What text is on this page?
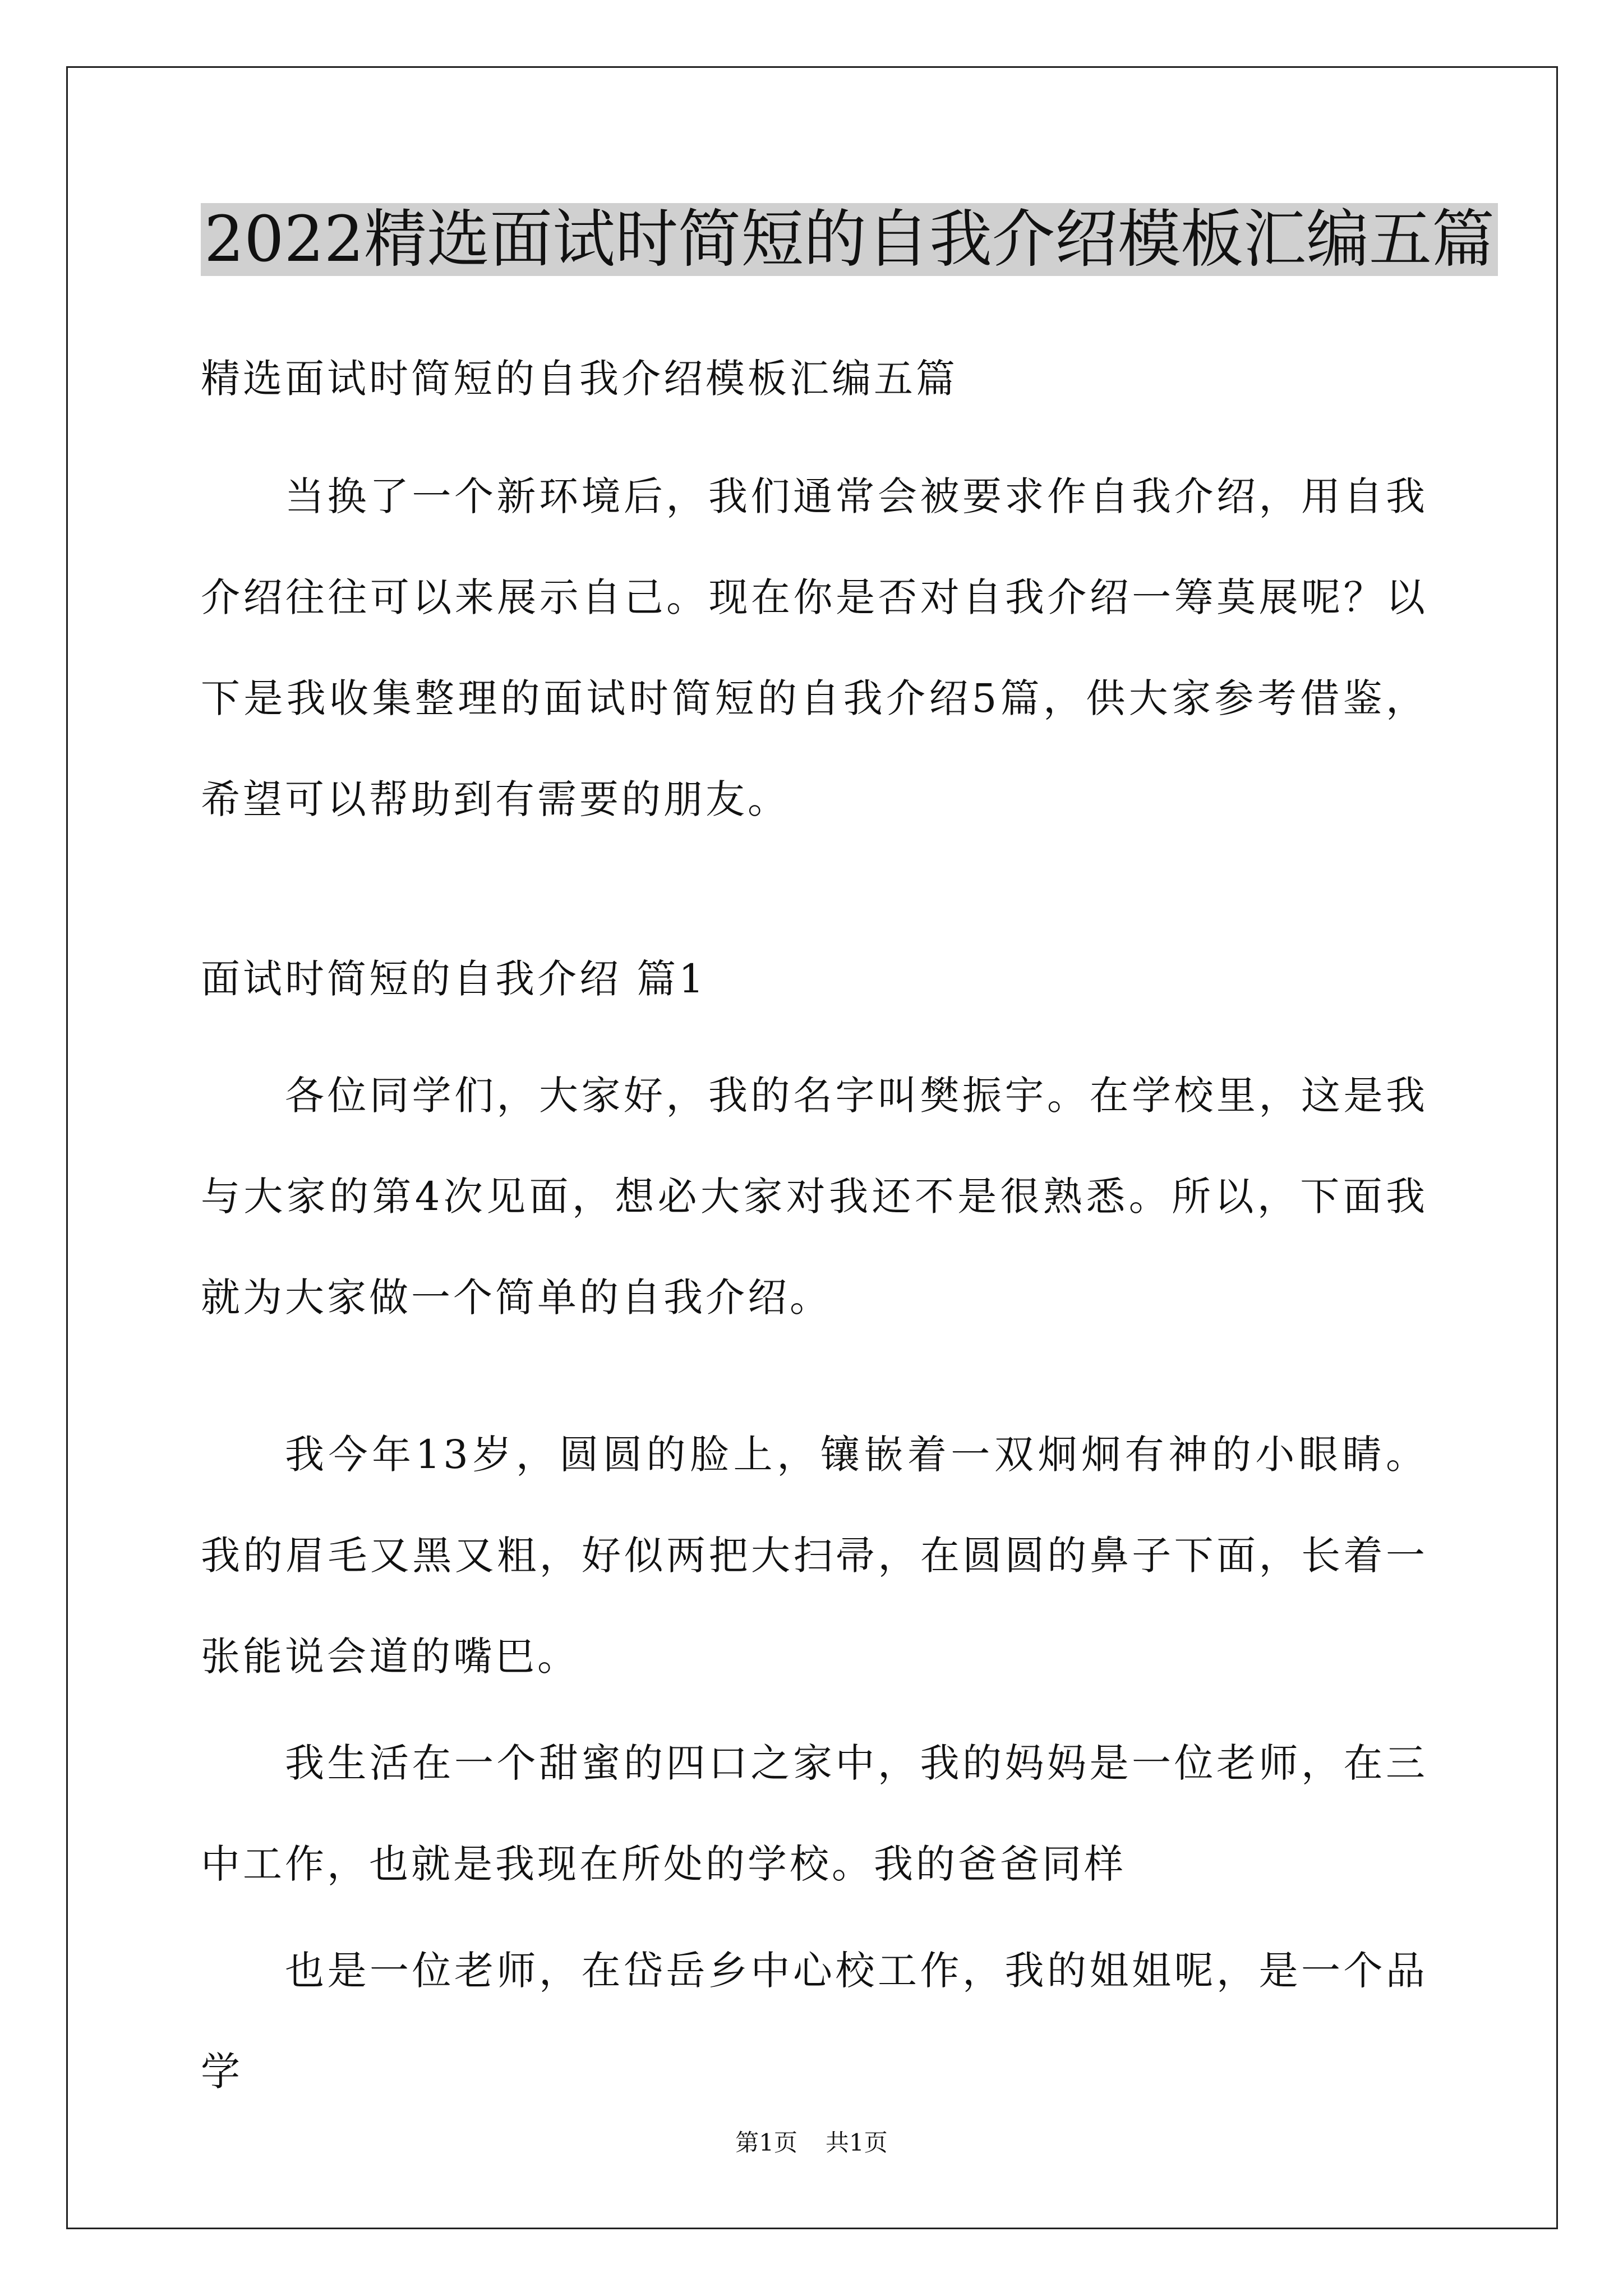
2022精选面试时简短的自我介绍模板汇编五篇
精选面试时简短的自我介绍模板汇编五篇
当换了一个新环境后，我们通常会被要求作自我介绍，用自我介绍往往可以来展示自己。现在你是否对自我介绍一筹莫展呢？以下是我收集整理的面试时简短的自我介绍5篇，供大家参考借鉴，希望可以帮助到有需要的朋友。
面试时简短的自我介绍 篇1
各位同学们，大家好，我的名字叫樊振宇。在学校里，这是我与大家的第4次见面，想必大家对我还不是很熟悉。所以，下面我就为大家做一个简单的自我介绍。
我今年13岁，圆圆的脸上，镶嵌着一双炯炯有神的小眼睛。我的眉毛又黑又粗，好似两把大扫帚，在圆圆的鼻子下面，长着一张能说会道的嘴巴。
我生活在一个甜蜜的四口之家中，我的妈妈是一位老师，在三中工作，也就是我现在所处的学校。我的爸爸同样
也是一位老师，在岱岳乡中心校工作，我的姐姐呢，是一个品学
第1页 共1页
